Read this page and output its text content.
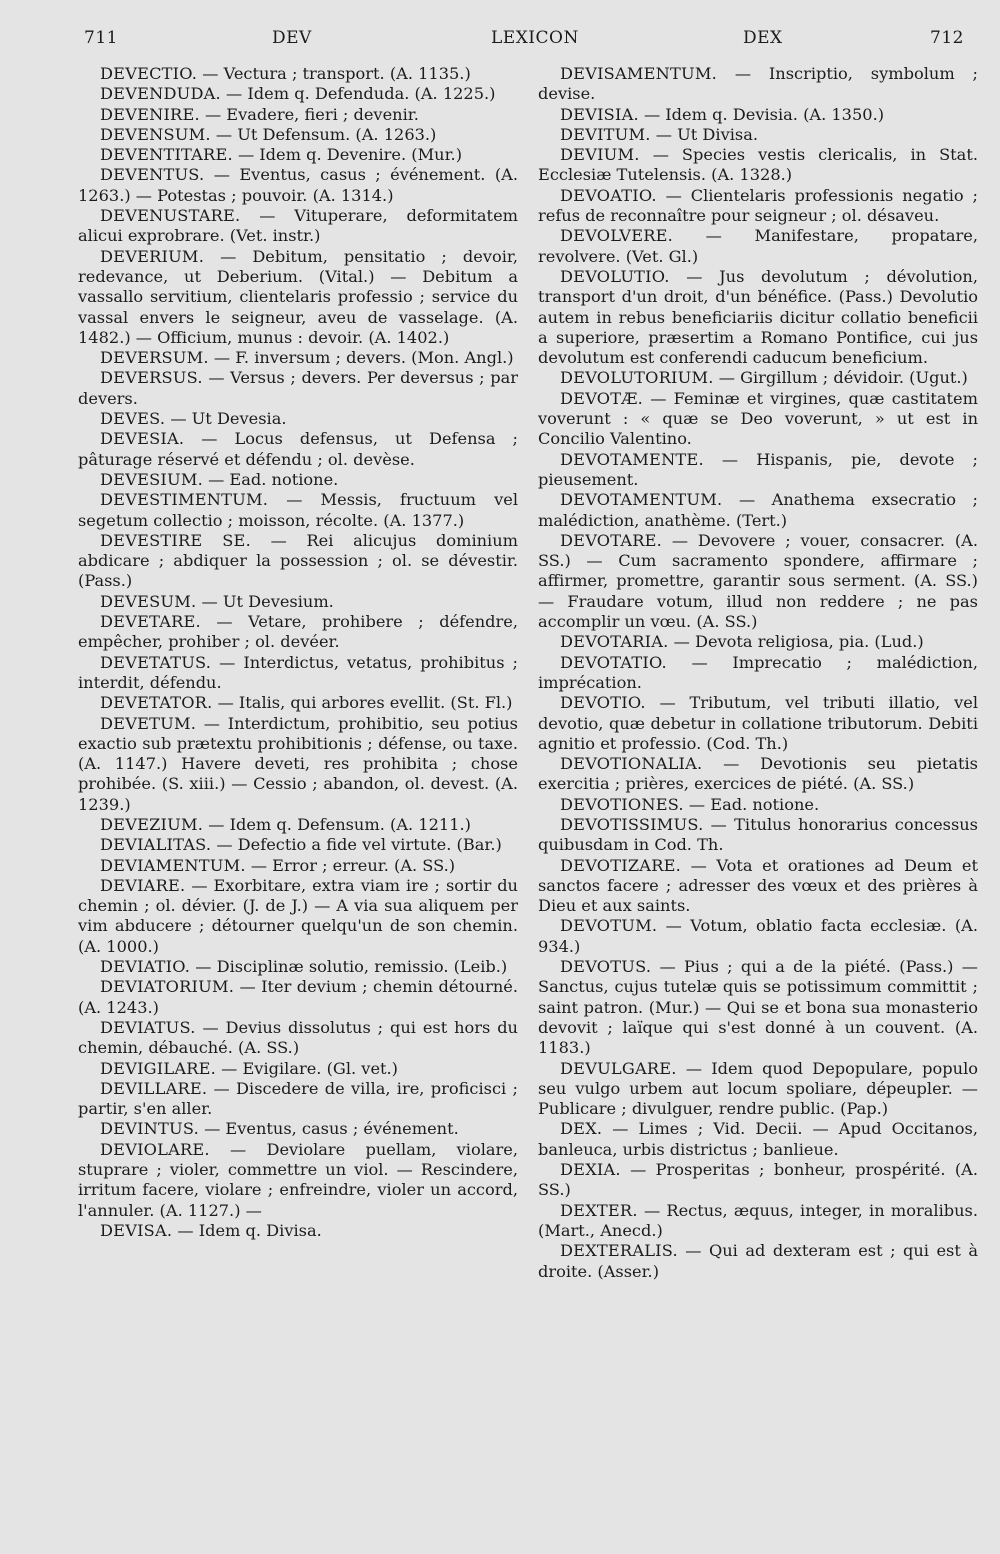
711	DEV	LEXICON	DEX	712
DEVECTIO. — Vectura ; transport. (A. 1135.)
DEVENDUDA. — Idem q. Defendudа. (A. 1225.)
DEVENIRE. — Evadere, fieri ; devenir.
DEVENSUM. — Ut Defensum. (A. 1263.)
DEVENTITARE. — Idem q. Devenire. (Mur.)
DEVENTUS. — Eventus, casus ; événement. (A. 1263.) — Potestas ; pouvoir. (A. 1314.)
DEVENUSTARE. — Vituperare, deformitatem alicui exprobrare. (Vet. instr.)
DEVERIUM. — Debitum, pensitatio ; devoir, redevance, ut Deberium. (Vital.) — Debitum a vassallo servitium, clientelaris professio ; service du vassal envers le seigneur, aveu de vasselage. (A. 1482.) — Officium, munus : devoir. (A. 1402.)
DEVERSUM. — F. inversum ; devers. (Mon. Angl.)
DEVERSUS. — Versus ; devers. Per deversus ; par devers.
DEVES. — Ut Devesia.
DEVESIA. — Locus defensus, ut Defensa ; pâturage réservé et défendu ; ol. devèse.
DEVESIUM. — Ead. notione.
DEVESTIMENTUM. — Messis, fructuum vel segetum collectio ; moisson, récolte. (A. 1377.)
DEVESTIRE SE. — Rei alicujus dominium abdicare ; abdiquer la possession ; ol. se dévestir. (Pass.)
DEVESUM. — Ut Devesium.
DEVETARE. — Vetare, prohibere ; défendre, empêcher, prohiber ; ol. devéer.
DEVETATUS. — Interdictus, vetatus, prohibitus ; interdit, défendu.
DEVETATOR. — Italis, qui arbores evellit. (St. Fl.)
DEVETUM. — Interdictum, prohibitio, seu potius exactio sub prætextu prohibitionis ; défense, ou taxe. (A. 1147.) Havere deveti, res prohibita ; chose prohibée. (S. xiii.) — Cessio ; abandon, ol. devest. (A. 1239.)
DEVEZIUM. — Idem q. Defensum. (A. 1211.)
DEVIALITAS. — Defectio a fide vel virtute. (Bar.)
DEVIAMENTUM. — Error ; erreur. (A. SS.)
DEVIARE. — Exorbitare, extra viam ire ; sortir du chemin ; ol. dévier. (J. de J.) — A via sua aliquem per vim abducere ; détourner quelqu'un de son chemin. (A. 1000.)
DEVIATIO. — Disciplinæ solutio, remissio. (Leib.)
DEVIATORIUM. — Iter devium ; chemin détourné. (A. 1243.)
DEVIATUS. — Devius dissolutus ; qui est hors du chemin, débauché. (A. SS.)
DEVIGILARE. — Evigilare. (Gl. vet.)
DEVILLARE. — Discedere de villa, ire, proficisci ; partir, s'en aller.
DEVINTUS. — Eventus, casus ; événement.
DEVIOLARE. — Deviolare puellam, violare, stuprare ; violer, commettre un viol. — Rescindere, irritum facere, violare ; enfreindre, violer un accord, l'annuler. (A. 1127.) —
DEVISA. — Idem q. Divisa.
DEVISAMENTUM. — Inscriptio, symbolum ; devise.
DEVISIA. — Idem q. Devisia. (A. 1350.)
DEVITUM. — Ut Divisa.
DEVIUM. — Species vestis clericalis, in Stat. Ecclesiæ Tutelensis. (A. 1328.)
DEVOATIO. — Clientelaris professionis negatio ; refus de reconnaître pour seigneur ; ol. désaveu.
DEVOLVERE. — Manifestare, propatare, revolvere. (Vet. Gl.)
DEVOLUTIO. — Jus devolutum ; dévolution, transport d'un droit, d'un bénéfice. (Pass.) Devolutio autem in rebus beneficiariis dicitur collatio beneficii a superiore, præsertim a Romano Pontifice, cui jus devolutum est conferendi caducum beneficium.
DEVOLUTORIUM. — Girgillum ; dévidoir. (Ugut.)
DEVOTÆ. — Feminæ et virgines, quæ castitatem voverunt : « quæ se Deo voverunt, » ut est in Concilio Valentino.
DEVOTAMENTE. — Hispanis, pie, devote ; pieusement.
DEVOTAMENTUM. — Anathema exsecratio ; malédiction, anathème. (Tert.)
DEVOTARE. — Devovere ; vouer, consacrer. (A. SS.) — Cum sacramento spondere, affirmare ; affirmer, promettre, garantir sous serment. (A. SS.) — Fraudare votum, illud non reddere ; ne pas accomplir un vœu. (A. SS.)
DEVOTARIA. — Devota religiosa, pia. (Lud.)
DEVOTATIO. — Imprecatio ; malédiction, imprécation.
DEVOTIO. — Tributum, vel tributi illatio, vel devotio, quæ debetur in collatione tributorum. Debiti agnitio et professio. (Cod. Th.)
DEVOTIONALIA. — Devotionis seu pietatis exercitia ; prières, exercices de piété. (A. SS.)
DEVOTIONES. — Ead. notione.
DEVOTISSIMUS. — Titulus honorarius concessus quibusdam in Cod. Th.
DEVOTIZARE. — Vota et orationes ad Deum et sanctos facere ; adresser des vœux et des prières à Dieu et aux saints.
DEVOTUM. — Votum, oblatio facta ecclesiæ. (A. 934.)
DEVOTUS. — Pius ; qui a de la piété. (Pass.) — Sanctus, cujus tutelæ quis se potissimum committit ; saint patron. (Mur.) — Qui se et bona sua monasterio devovit ; laïque qui s'est donné à un couvent. (A. 1183.)
DEVULGARE. — Idem quod Depopulare, populo seu vulgo urbem aut locum spoliare, dépeupler. — Publicare ; divulguer, rendre public. (Pap.)
DEX. — Limes ; Vid. Decii. — Apud Occitanos, banleuca, urbis districtus ; banlieue.
DEXIA. — Prosperitas ; bonheur, prospérité. (A. SS.)
DEXTER. — Rectus, æquus, integer, in moralibus. (Mart., Anecd.)
DEXTERALIS. — Qui ad dexteram est ; qui est à droite. (Asser.)
